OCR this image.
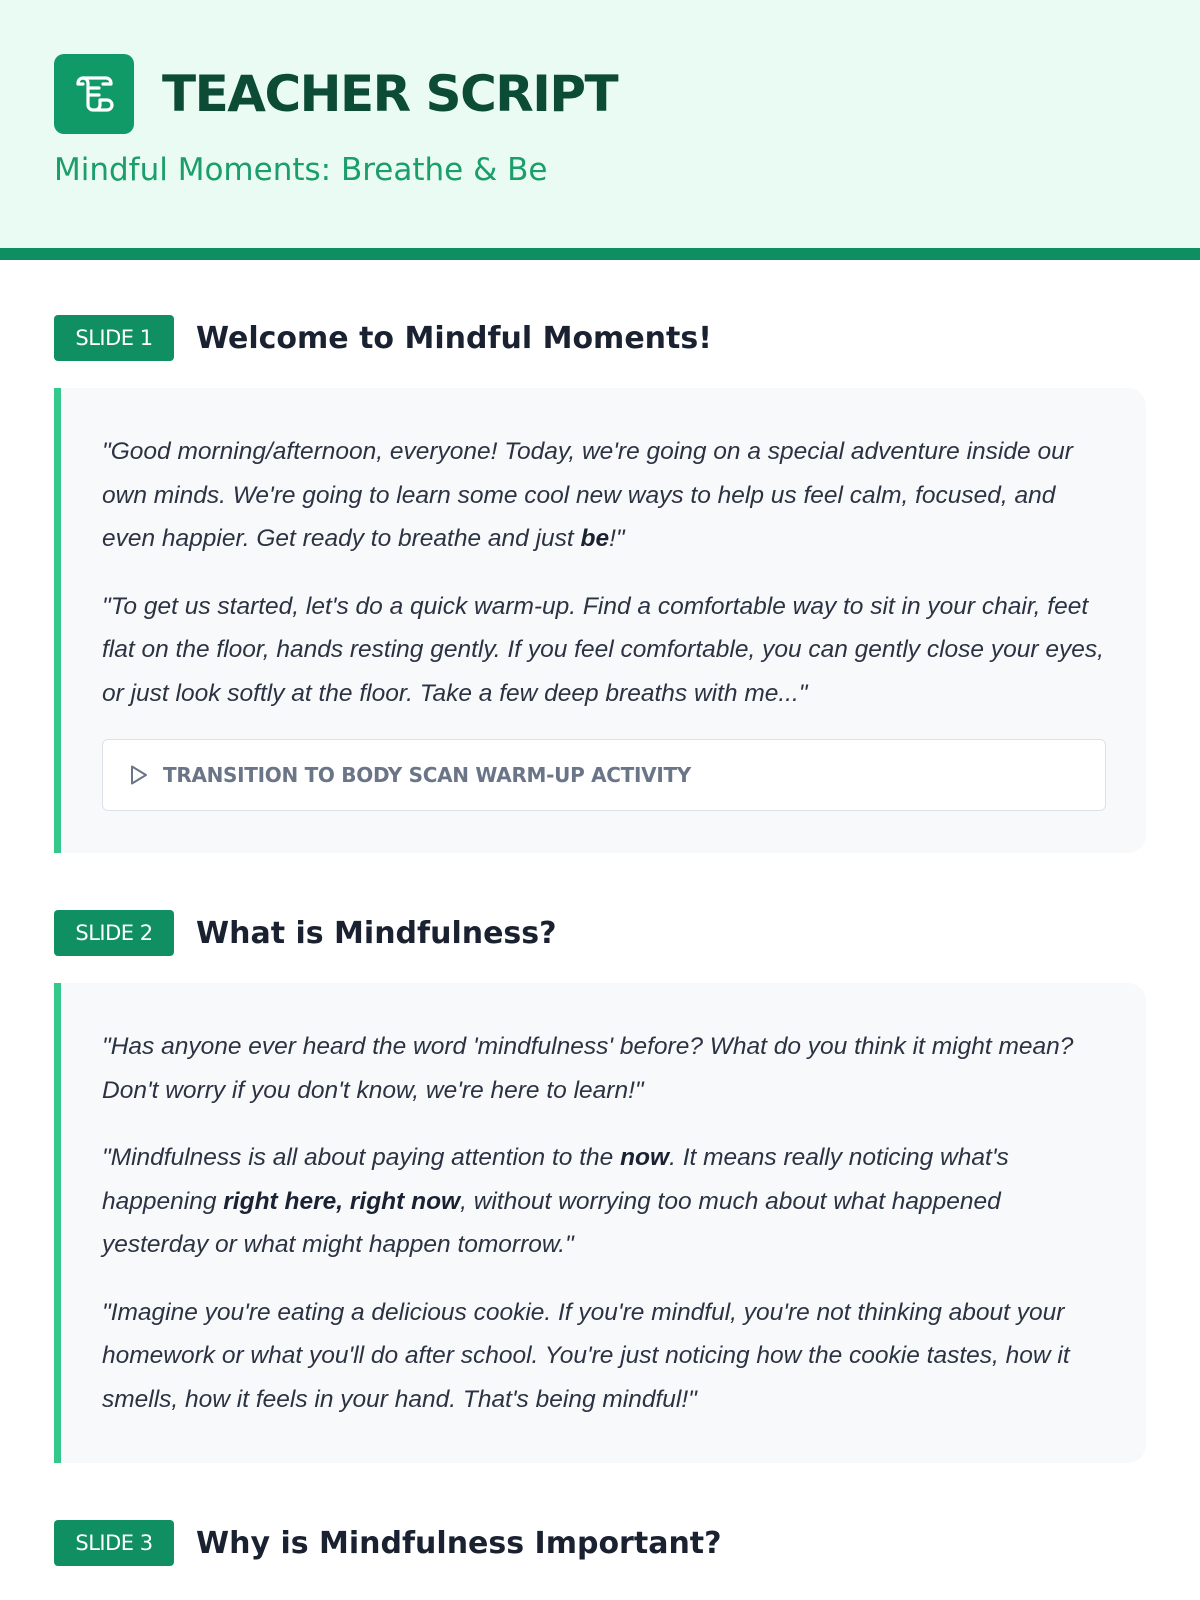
TEACHER SCRIPT
Mindful Moments: Breathe & Be
SLIDE 1	Welcome to Mindful Moments!

"Good morning/afternoon, everyone! Today, we're going on a special adventure inside our own minds. We're going to learn some cool new ways to help us feel calm, focused, and even happier. Get ready to breathe and just be!"

"To get us started, let's do a quick warm-up. Find a comfortable way to sit in your chair, feet flat on the floor, hands resting gently. If you feel comfortable, you can gently close your eyes, or just look softly at the floor. Take a few deep breaths with me..."

TRANSITION TO BODY SCAN WARM-UP ACTIVITY
SLIDE 2	What is Mindfulness?

"Has anyone ever heard the word 'mindfulness' before? What do you think it might mean? Don't worry if you don't know, we're here to learn!"

"Mindfulness is all about paying attention to the now. It means really noticing what's happening right here, right now, without worrying too much about what happened yesterday or what might happen tomorrow."

"Imagine you're eating a delicious cookie. If you're mindful, you're not thinking about your homework or what you'll do after school. You're just noticing how the cookie tastes, how it smells, how it feels in your hand. That's being mindful!"

SLIDE 3	Why is Mindfulness Important?
